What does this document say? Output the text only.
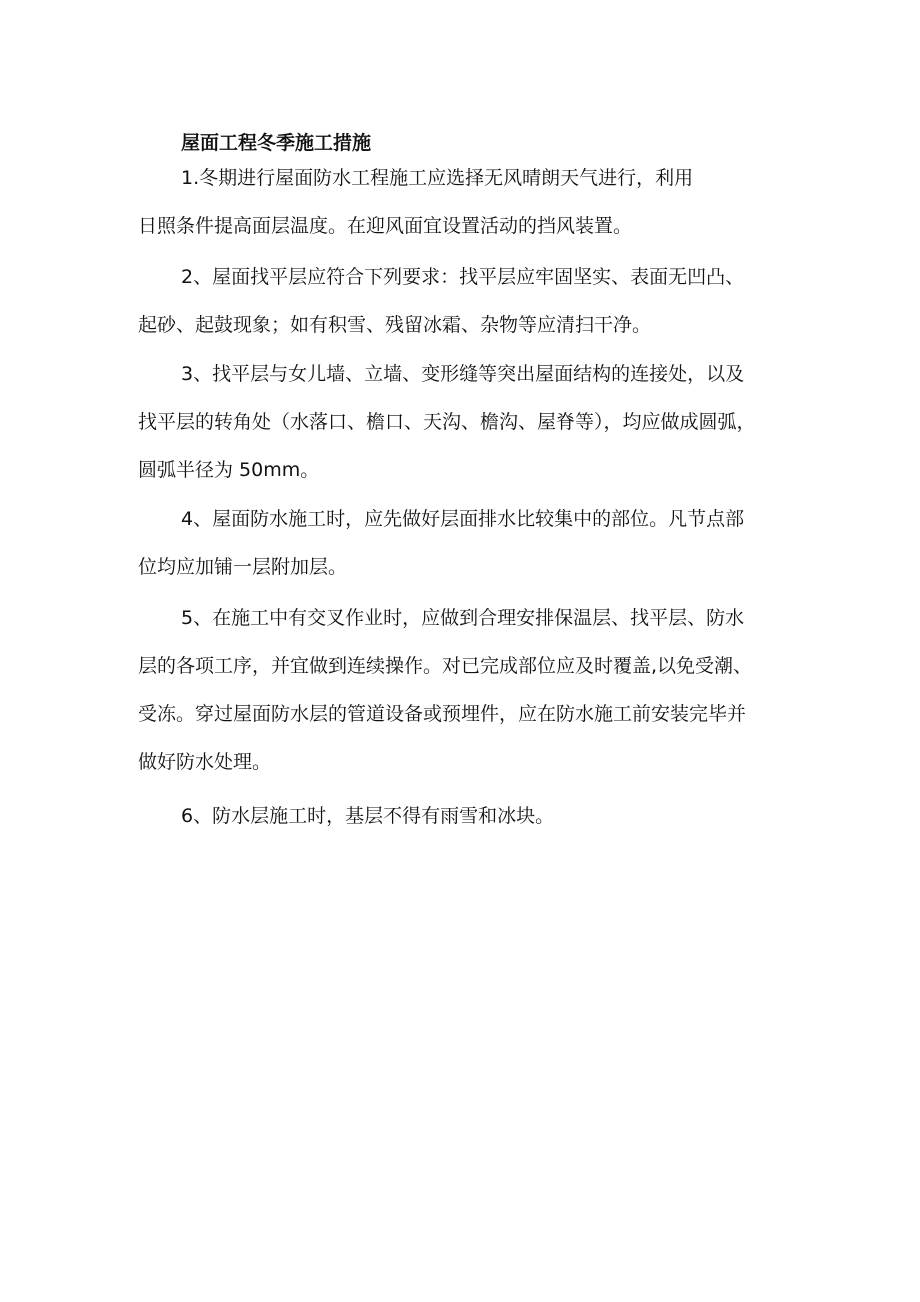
屋面工程冬季施工措施

1.冬期进行屋面防水工程施工应选择无风晴朗天气进行，利用
日照条件提高面层温度。在迎风面宜设置活动的挡风装置。

2、屋面找平层应符合下列要求：找平层应牢固坚实、表面无凹凸、
起砂、起鼓现象；如有积雪、残留冰霜、杂物等应清扫干净。

3、找平层与女儿墙、立墙、变形缝等突出屋面结构的连接处，以及
找平层的转角处（水落口、檐口、天沟、檐沟、屋脊等），均应做成圆弧，
圆弧半径为 50mm。

4、屋面防水施工时，应先做好层面排水比较集中的部位。凡节点部
位均应加铺一层附加层。

5、在施工中有交叉作业时，应做到合理安排保温层、找平层、防水
层的各项工序，并宜做到连续操作。对已完成部位应及时覆盖,以免受潮、
受冻。穿过屋面防水层的管道设备或预埋件，应在防水施工前安装完毕并
做好防水处理。

6、防水层施工时，基层不得有雨雪和冰块。
